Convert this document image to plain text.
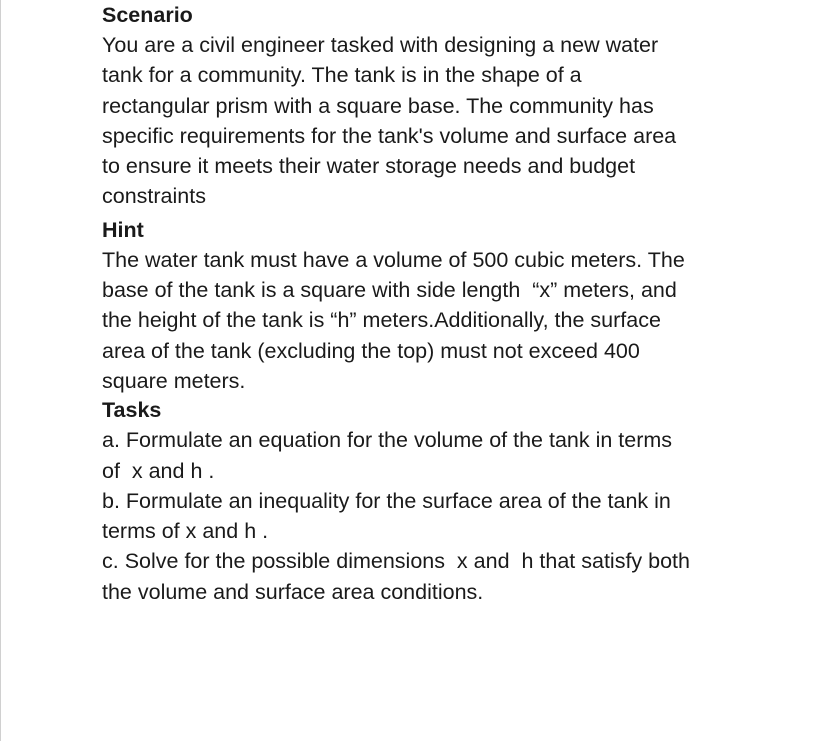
Scenario
You are a civil engineer tasked with designing a new water
tank for a community. The tank is in the shape of a
rectangular prism with a square base. The community has
specific requirements for the tank's volume and surface area
to ensure it meets their water storage needs and budget
constraints
Hint
The water tank must have a volume of 500 cubic meters. The
base of the tank is a square with side length  “x” meters, and
the height of the tank is “h” meters.Additionally, the surface
area of the tank (excluding the top) must not exceed 400
square meters.
Tasks
a. Formulate an equation for the volume of the tank in terms
of  x and h .
b. Formulate an inequality for the surface area of the tank in
terms of x and h .
c. Solve for the possible dimensions  x and  h that satisfy both
the volume and surface area conditions.
